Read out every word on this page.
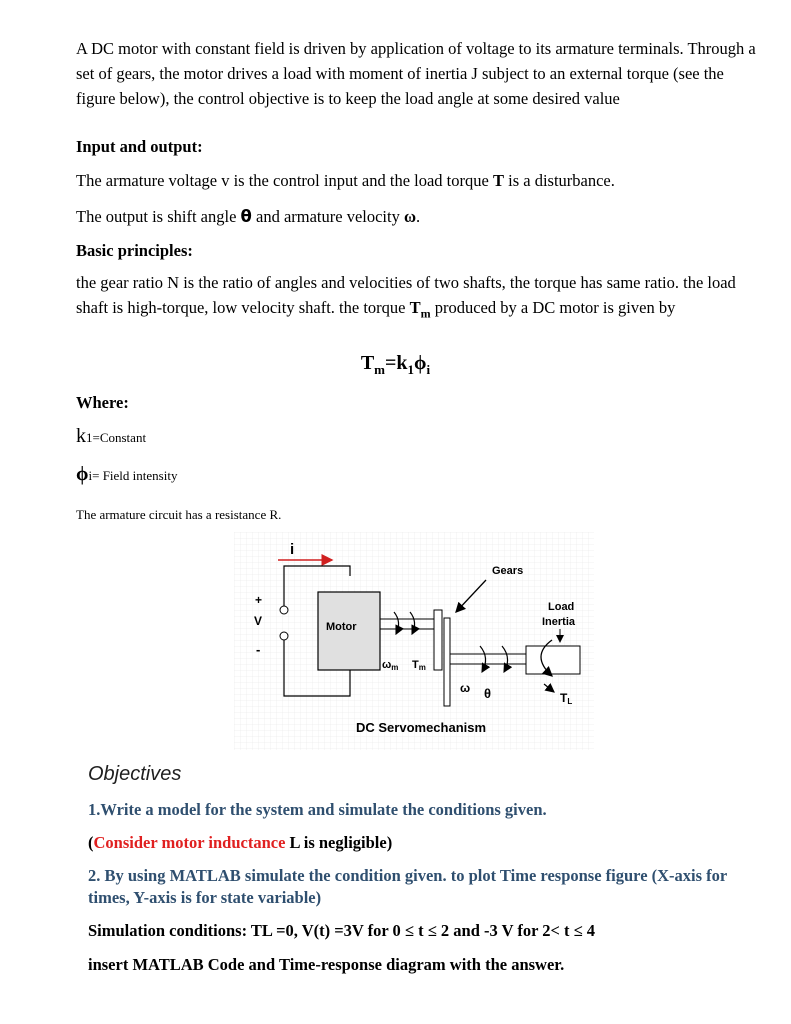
A DC motor with constant field is driven by application of voltage to its armature terminals. Through a set of gears, the motor drives a load with moment of inertia J subject to an external torque (see the figure below), the control objective is to keep the load angle at some desired value

Input and output:

The armature voltage v is the control input and the load torque T is a disturbance.

The output is shift angle θ and armature velocity ω.

Basic principles:

the gear ratio N is the ratio of angles and velocities of two shafts, the torque has same ratio. the load shaft is high-torque, low velocity shaft. the torque $T_m$ produced by a DC motor is given by

$T_m=k_1\phi_i$

Where:

k1=Constant

ϕi= Field intensity

The armature circuit has a resistance R.

i
+
V
-
Motor
Gears
Load
Inertia
ωm Tm
ω θ	TL
DC Servomechanism
Objectives

1.Write a model for the system and simulate the conditions given.

(Consider motor inductance L is negligible)

2. By using MATLAB simulate the condition given. to plot Time response figure (X-axis for times, Y-axis is for state variable)

Simulation conditions: TL =0, V(t) =3V for 0 ≤ t ≤ 2 and -3 V for 2< t ≤ 4

insert MATLAB Code and Time-response diagram with the answer.
